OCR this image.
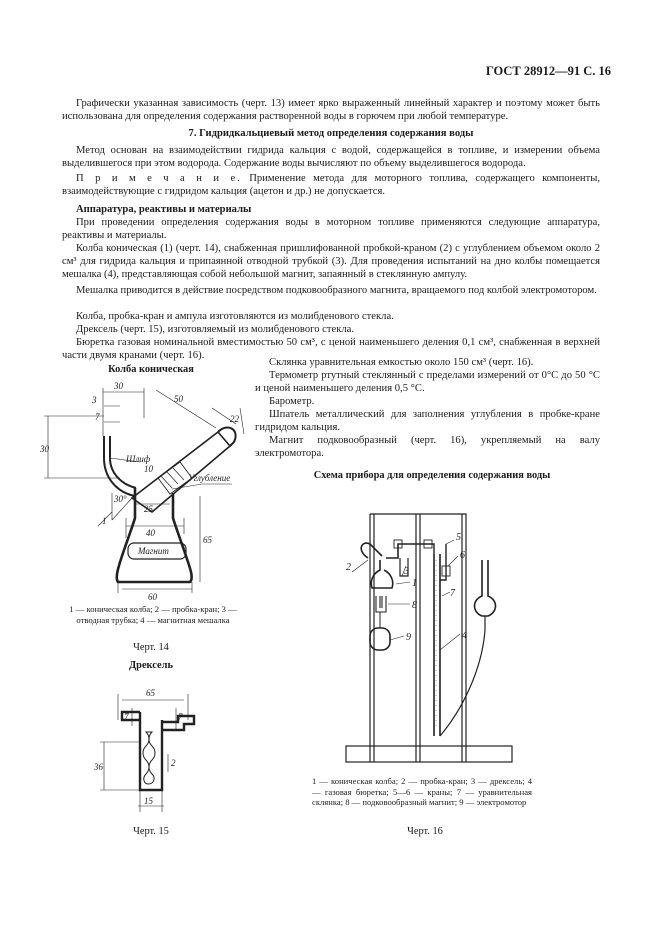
ГОСТ 28912—91 С. 16
Графически указанная зависимость (черт. 13) имеет ярко выраженный линейный характер и поэтому может быть использована для определения содержания растворенной воды в горючем при любой температуре.
7. Гидридкальциевый метод определения содержания воды
Метод основан на взаимодействии гидрида кальция с водой, содержащейся в топливе, и измерении объема выделившегося при этом водорода. Содержание воды вычисляют по объему выделившегося водорода.
П р и м е ч а н и е. Применение метода для моторного топлива, содержащего компоненты, взаимодействующие с гидридом кальция (ацетон и др.) не допускается.
Аппаратура, реактивы и материалы
При проведении определения содержания воды в моторном топливе применяются следующие аппаратура, реактивы и материалы.
Колба коническая (1) (черт. 14), снабженная пришлифованной пробкой-краном (2) с углублением объемом около 2 см³ для гидрида кальция и припаянной отводной трубкой (3). Для проведения испытаний на дно колбы помещается мешалка (4), представляющая собой небольшой магнит, запаянный в стеклянную ампулу.
Мешалка приводится в действие посредством подковообразного магнита, вращаемого под колбой электромотором.
Колба, пробка-кран и ампула изготовляются из молибденового стекла.
Дрексель (черт. 15), изготовляемый из молибденового стекла.
Бюретка газовая номинальной вместимостью 50 см³, с ценой наименьшего деления 0,1 см³, снабженная в верхней части двумя кранами (черт. 16).
Склянка уравнительная емкостью около 150 см³ (черт. 16).
Термометр ртутный стеклянный с пределами измерений от 0°С до 50 °С и ценой наименьшего деления 0,5 °С.
Барометр.
Шпатель металлический для заполнения углубления в пробке-кране гидридом кальция.
Магнит подковообразный (черт. 16), укрепляемый на валу электромотора.
Колба коническая
30
50
3
7
30
22
10
30°
25
65
40
60
1
Шлиф
Углубление
Магнит
1 — коническая колба; 2 — пробка-кран; 3 — отводная трубка; 4 — магнитная мешалка
Черт. 14
Дрексель
65
7	7
36	2
15
Черт. 15
Схема прибора для определения содержания воды
2	3
1
8
9
5
6
7
4
1 — коническая колба; 2 — пробка-кран; 3 — дрексель; 4 — газовая бюретка; 5—6 — краны; 7 — уравнительная склянка; 8 — подковообразный магнит; 9 — электромотор
Черт. 16
